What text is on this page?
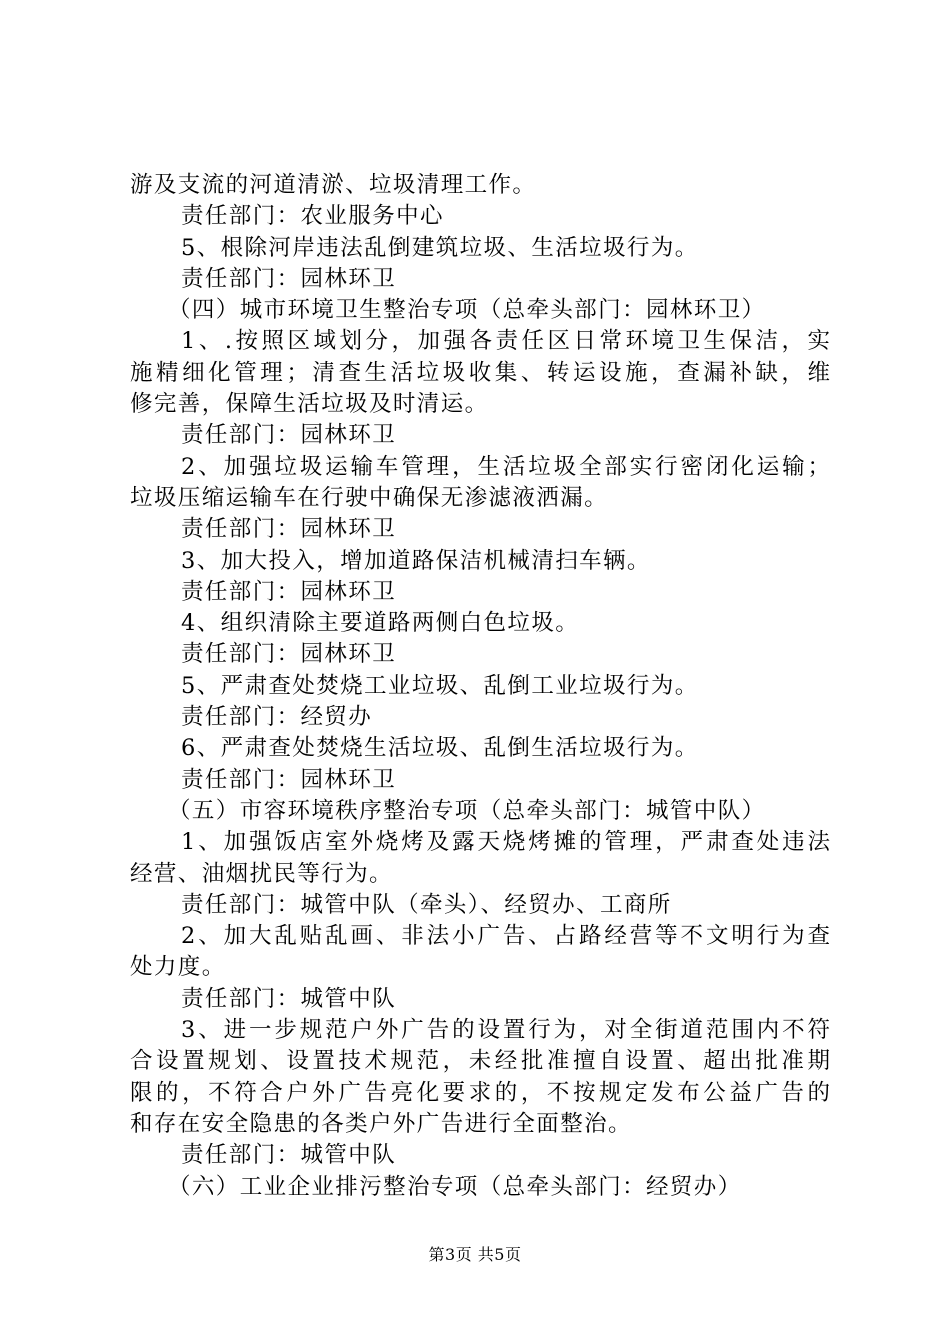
游及支流的河道清淤、垃圾清理工作。
责任部门：农业服务中心
5、根除河岸违法乱倒建筑垃圾、生活垃圾行为。
责任部门：园林环卫
（四）城市环境卫生整治专项（总牵头部门：园林环卫）
1、.按照区域划分，加强各责任区日常环境卫生保洁，实
施精细化管理；清查生活垃圾收集、转运设施，查漏补缺，维
修完善，保障生活垃圾及时清运。
责任部门：园林环卫
2、加强垃圾运输车管理，生活垃圾全部实行密闭化运输；
垃圾压缩运输车在行驶中确保无渗滤液洒漏。
责任部门：园林环卫
3、加大投入，增加道路保洁机械清扫车辆。
责任部门：园林环卫
4、组织清除主要道路两侧白色垃圾。
责任部门：园林环卫
5、严肃查处焚烧工业垃圾、乱倒工业垃圾行为。
责任部门：经贸办
6、严肃查处焚烧生活垃圾、乱倒生活垃圾行为。
责任部门：园林环卫
（五）市容环境秩序整治专项（总牵头部门：城管中队）
1、加强饭店室外烧烤及露天烧烤摊的管理，严肃查处违法
经营、油烟扰民等行为。
责任部门：城管中队（牵头）、经贸办、工商所
2、加大乱贴乱画、非法小广告、占路经营等不文明行为查
处力度。
责任部门：城管中队
3、进一步规范户外广告的设置行为，对全街道范围内不符
合设置规划、设置技术规范，未经批准擅自设置、超出批准期
限的，不符合户外广告亮化要求的，不按规定发布公益广告的
和存在安全隐患的各类户外广告进行全面整治。
责任部门：城管中队
（六）工业企业排污整治专项（总牵头部门：经贸办）
第3页 共5页
